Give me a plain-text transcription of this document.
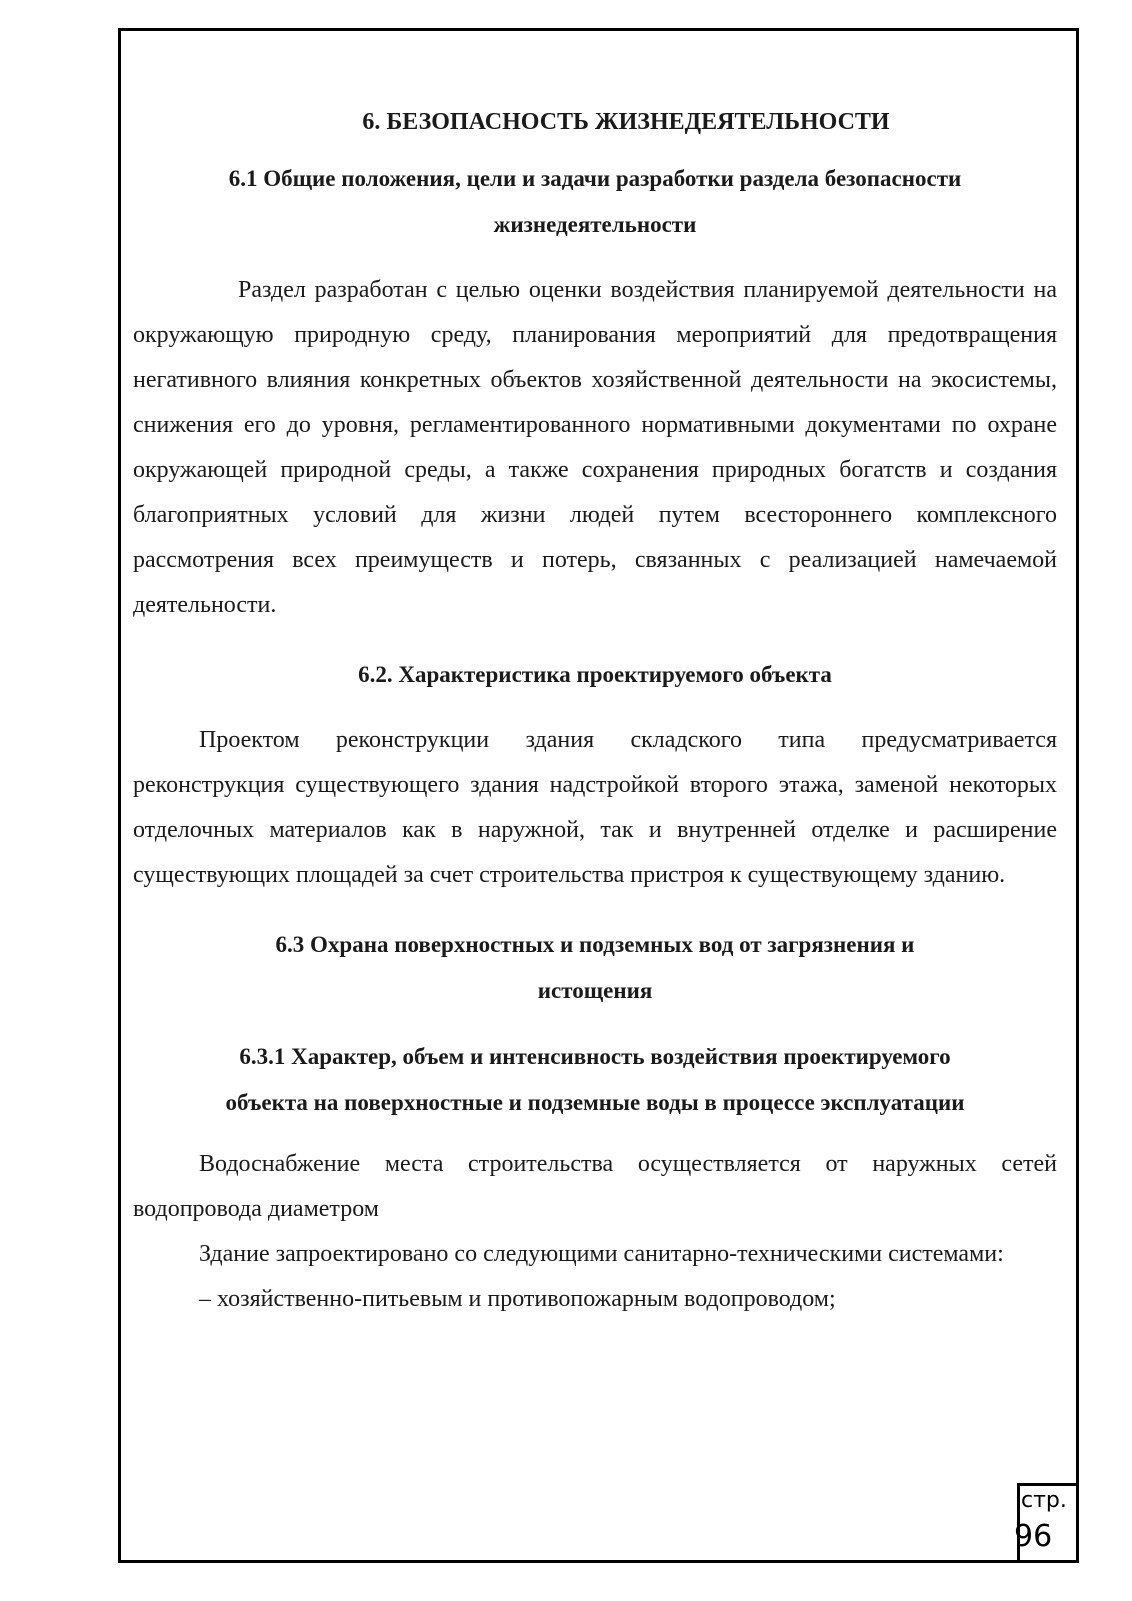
6. БЕЗОПАСНОСТЬ ЖИЗНЕДЕЯТЕЛЬНОСТИ
6.1 Общие положения, цели и задачи разработки раздела безопасности
жизнедеятельности

Раздел разработан с целью оценки воздействия планируемой деятельности на окружающую природную среду, планирования мероприятий для предотвращения негативного влияния конкретных объектов хозяйственной деятельности на экосистемы, снижения его до уровня, регламентированного нормативными документами по охране окружающей природной среды, а также сохранения природных богатств и создания благоприятных условий для жизни людей путем всестороннего комплексного рассмотрения всех преимуществ и потерь, связанных с реализацией намечаемой деятельности.

6.2. Характеристика проектируемого объекта

Проектом реконструкции здания складского типа предусматривается реконструкция существующего здания надстройкой второго этажа, заменой некоторых отделочных материалов как в наружной, так и внутренней отделке и расширение существующих площадей за счет строительства пристроя к существующему зданию.

6.3 Охрана поверхностных и подземных вод от загрязнения и
истощения
6.3.1 Характер, объем и интенсивность воздействия проектируемого
объекта на поверхностные и подземные воды в процессе эксплуатации

Водоснабжение места строительства осуществляется от наружных сетей водопровода диаметром

Здание запроектировано со следующими санитарно-техническими системами:

– хозяйственно-питьевым и противопожарным водопроводом;

стр.
96
